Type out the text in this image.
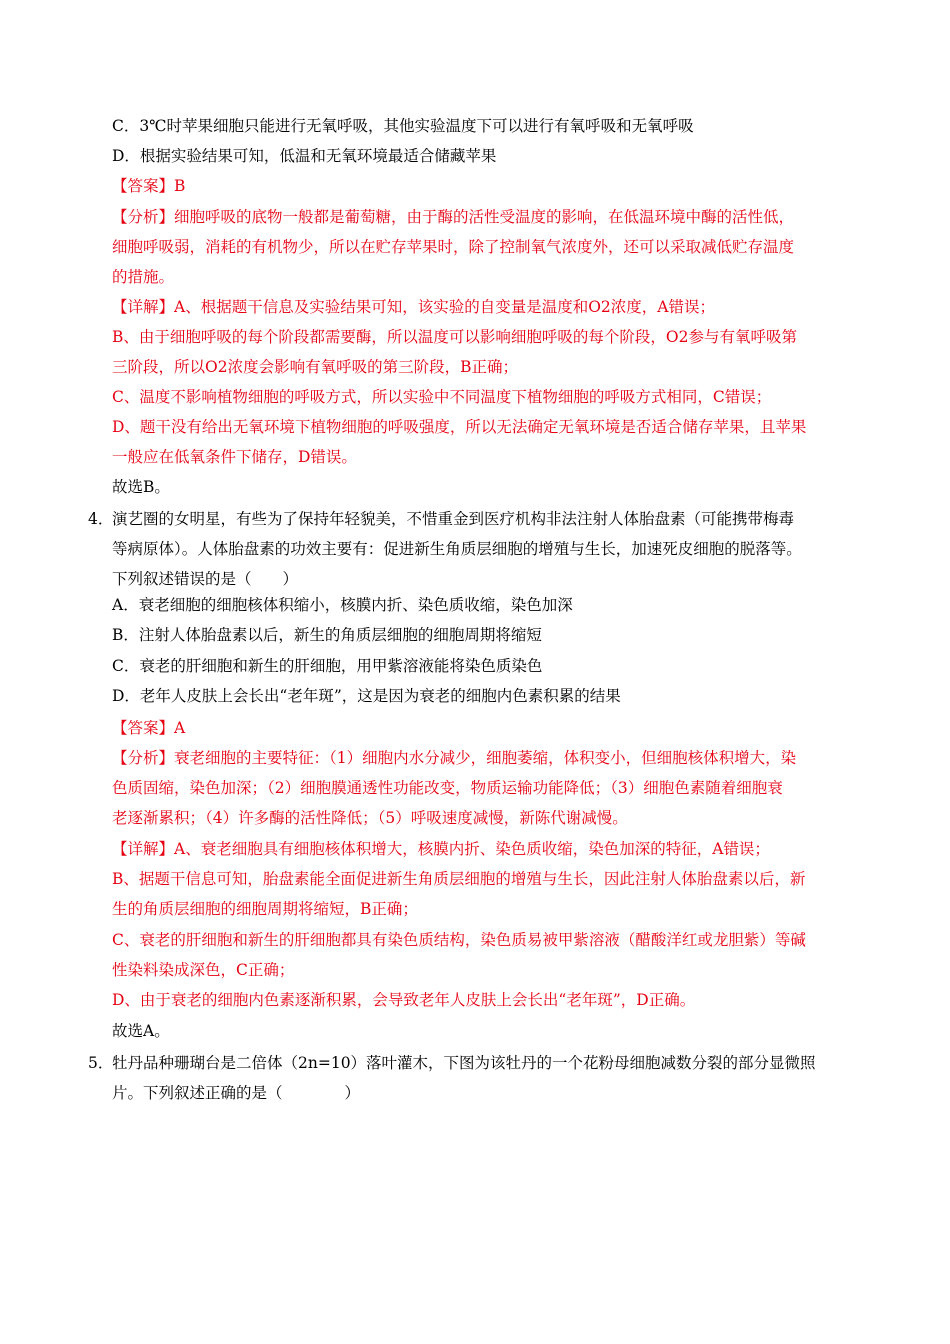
C．3℃时苹果细胞只能进行无氧呼吸，其他实验温度下可以进行有氧呼吸和无氧呼吸
D．根据实验结果可知，低温和无氧环境最适合储藏苹果
【答案】B
【分析】细胞呼吸的底物一般都是葡萄糖，由于酶的活性受温度的影响，在低温环境中酶的活性低，
细胞呼吸弱，消耗的有机物少，所以在贮存苹果时，除了控制氧气浓度外，还可以采取减低贮存温度
的措施。
【详解】A、根据题干信息及实验结果可知，该实验的自变量是温度和O2浓度，A错误；
B、由于细胞呼吸的每个阶段都需要酶，所以温度可以影响细胞呼吸的每个阶段，O2参与有氧呼吸第
三阶段，所以O2浓度会影响有氧呼吸的第三阶段，B正确；
C、温度不影响植物细胞的呼吸方式，所以实验中不同温度下植物细胞的呼吸方式相同，C错误；
D、题干没有给出无氧环境下植物细胞的呼吸强度，所以无法确定无氧环境是否适合储存苹果，且苹果
一般应在低氧条件下储存，D错误。
故选B。
4．
演艺圈的女明星，有些为了保持年轻貌美，不惜重金到医疗机构非法注射人体胎盘素（可能携带梅毒
等病原体）。人体胎盘素的功效主要有：促进新生角质层细胞的增殖与生长，加速死皮细胞的脱落等。
下列叙述错误的是（　　）
A．衰老细胞的细胞核体积缩小，核膜内折、染色质收缩，染色加深
B．注射人体胎盘素以后，新生的角质层细胞的细胞周期将缩短
C．衰老的肝细胞和新生的肝细胞，用甲紫溶液能将染色质染色
D．老年人皮肤上会长出“老年斑”，这是因为衰老的细胞内色素积累的结果
【答案】A
【分析】衰老细胞的主要特征：（1）细胞内水分减少，细胞萎缩，体积变小，但细胞核体积增大，染
色质固缩，染色加深；（2）细胞膜通透性功能改变，物质运输功能降低；（3）细胞色素随着细胞衰
老逐渐累积；（4）许多酶的活性降低；（5）呼吸速度减慢，新陈代谢减慢。
【详解】A、衰老细胞具有细胞核体积增大，核膜内折、染色质收缩，染色加深的特征，A错误；
B、据题干信息可知，胎盘素能全面促进新生角质层细胞的增殖与生长，因此注射人体胎盘素以后，新
生的角质层细胞的细胞周期将缩短，B正确；
C、衰老的肝细胞和新生的肝细胞都具有染色质结构，染色质易被甲紫溶液（醋酸洋红或龙胆紫）等碱
性染料染成深色，C正确；
D、由于衰老的细胞内色素逐渐积累，会导致老年人皮肤上会长出“老年斑”，D正确。
故选A。
5．
牡丹品种珊瑚台是二倍体（2n=10）落叶灌木，下图为该牡丹的一个花粉母细胞减数分裂的部分显微照
片。下列叙述正确的是（　　　　）
